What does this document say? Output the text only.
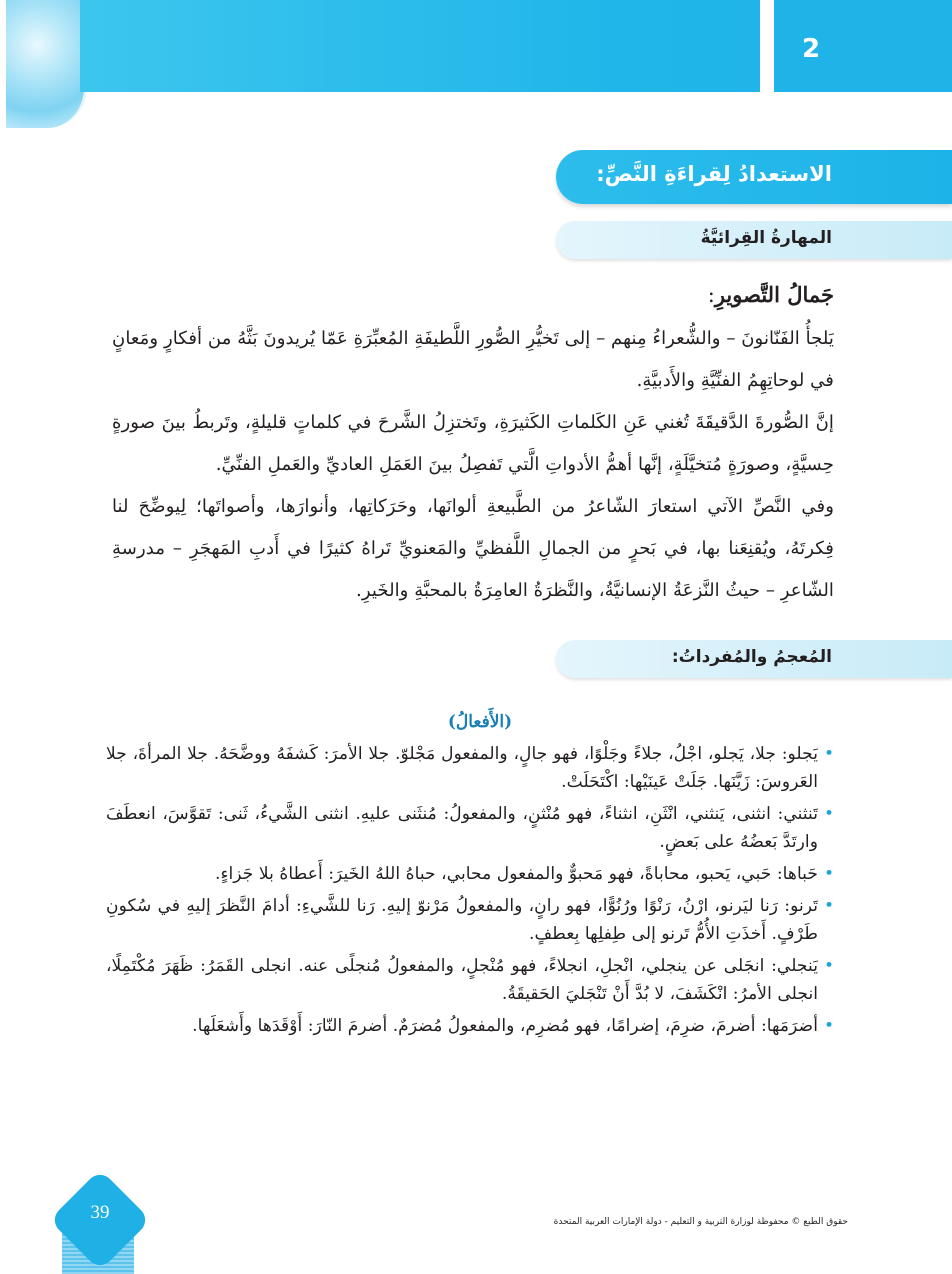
2
الاستعدادُ لِقراءَةِ النَّصِّ:
المهارةُ القِرائيَّةُ
جَمالُ التَّصويرِ:

يَلجأُ الفَنّانونَ – والشُّعراءُ مِنهم – إلى تَخيُّرِ الصُّورِ اللَّطيفَةِ المُعبِّرَةِ عَمّا يُريدونَ بَثَّهُ من أفكارٍ ومَعانٍ في لوحاتِهِمُ الفنِّيَّةِ والأَدبيَّةِ.

إنَّ الصُّورةَ الدَّقيقَةَ تُغني عَنِ الكَلماتِ الكَثيرَةِ، وتَختزِلُ الشَّرحَ في كلماتٍ قليلةٍ، وتَربطُ بينَ صورةٍ حِسيَّةٍ، وصورَةٍ مُتخيَّلَةٍ، إنَّها أهمُّ الأدواتِ الَّتي تَفصِلُ بينَ العَمَلِ العاديِّ والعَملِ الفنِّيِّ.

وفي النَّصِّ الآتي استعارَ الشّاعرُ من الطَّبيعةِ ألوانَها، وحَرَكاتِها، وأنوارَها، وأصواتَها؛ لِيوضِّحَ لنا فِكرتَهُ، ويُقنِعَنا بها، في بَحرٍ من الجمالِ اللَّفظيِّ والمَعنويِّ تَراهُ كثيرًا في أَدبِ المَهجَرِ – مدرسةِ الشّاعرِ – حيثُ النَّزعَةُ الإنسانيَّةُ، والنَّظرَةُ العامِرَةُ بالمحبَّةِ والخَيرِ.

المُعجمُ والمُفرداتُ:
(الأَفعالُ)
•
يَجلو: جلا، يَجلو، اجْلُ، جلاءً وجَلْوًا، فهو جالٍ، والمفعول مَجْلوّ. جلا الأمرَ: كَشفَهُ ووضَّحَهُ. جلا المرأةَ، جلا العَروسَ: زَيَّنَها. جَلَتْ عَينَيْها: اكْتَحَلَتْ.
•
تَنثني: انثنى، يَنثني، انْثَنِ، انثناءً، فهو مُنْثنٍ، والمفعولُ: مُنثَنى عليهِ. انثنى الشَّيءُ، ثَنى: تَقوَّسَ، انعطَفَ وارتَدَّ بَعضُهُ على بَعضٍ.
•
حَباها: حَبي، يَحبو، محاباةً، فهو مَحبوٌّ والمفعول محابي، حباهُ اللهُ الخَيرَ: أَعطاهُ بلا جَزاءٍ.
•
تَرنو: رَنا ليَرنو، ارْنُ، رَنْوًا ورُنُوًّا، فهو رانٍ، والمفعولُ مَرْنوّ إليهِ. رَنا للشَّيءِ: أدامَ النَّظرَ إليهِ في سُكونِ طَرْفٍ. أَخذَتِ الأُمُّ تَرنو إلى طِفلِها بِعطفٍ.
•
يَنجلي: انجَلى عن ينجلي، انْجلِ، انجلاءً، فهو مُنْجلٍ، والمفعولُ مُنجلًى عنه. انجلى القَمَرُ: ظَهَرَ مُكْتَمِلًا، انجلى الأمرُ: انْكَشَفَ، لا بُدَّ أَنْ تَنْجَليَ الحَقيقَةُ.
•
أضرَمَها: أضرمَ، ضرِمَ، إضرامًا، فهو مُضرِم، والمفعولُ مُضرَمٌ. أضرمَ النّارَ: أَوْقَدَها وأَشعَلَها.
39	حقوق الطبع © محفوظة لوزارة التربية و التعليم - دولة الإمارات العربية المتحدة
